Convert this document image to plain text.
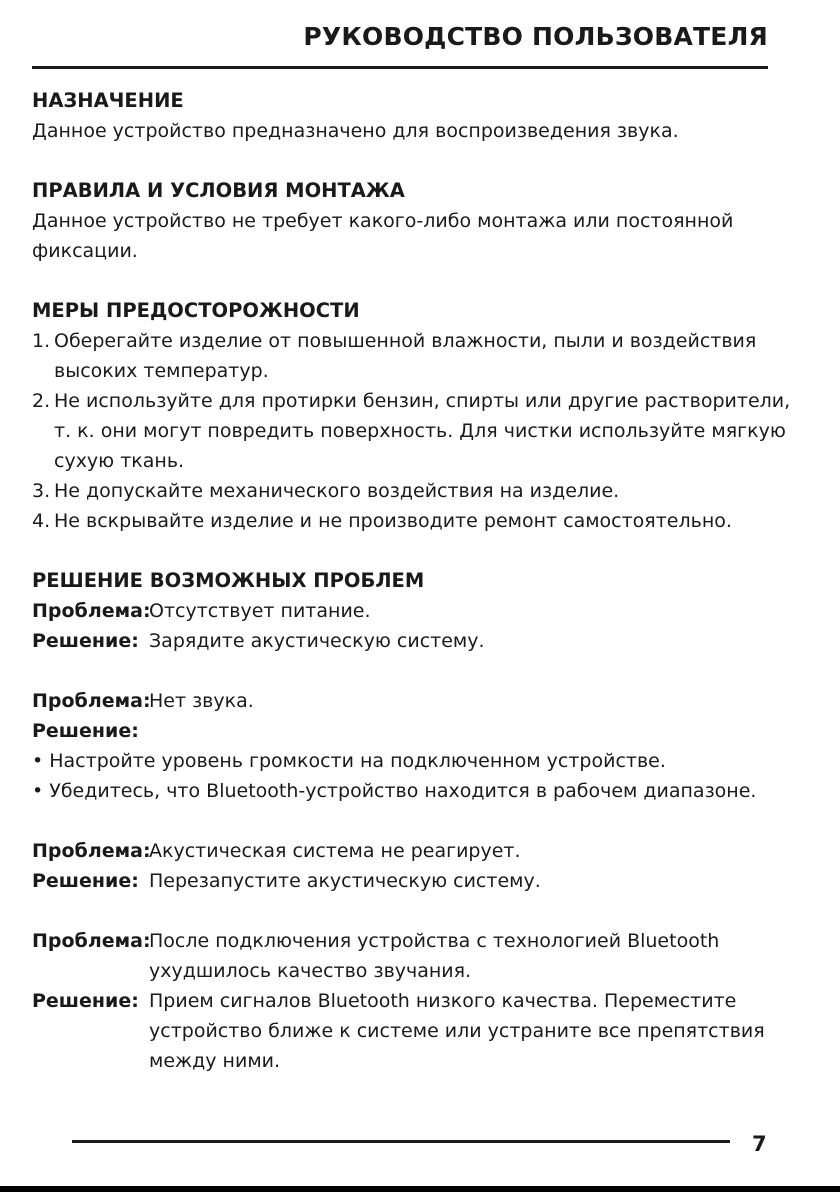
РУКОВОДСТВО ПОЛЬЗОВАТЕЛЯ
НАЗНАЧЕНИЕ
Данное устройство предназначено для воспроизведения звука.
ПРАВИЛА И УСЛОВИЯ МОНТАЖА
Данное устройство не требует какого-либо монтажа или постоянной
фиксации.
МЕРЫ ПРЕДОСТОРОЖНОСТИ
1. Оберегайте изделие от повышенной влажности, пыли и воздействия
высоких температур.
2. Не используйте для протирки бензин, спирты или другие растворители,
т. к. они могут повредить поверхность. Для чистки используйте мягкую
сухую ткань.
3. Не допускайте механического воздействия на изделие.
4. Не вскрывайте изделие и не производите ремонт самостоятельно.
РЕШЕНИЕ ВОЗМОЖНЫХ ПРОБЛЕМ
Проблема:
Отсутствует питание.
Решение: Зарядите акустическую систему.
Проблема:
Нет звука.
Решение:
• Настройте уровень громкости на подключенном устройстве.
• Убедитесь, что Bluetooth-устройство находится в рабочем диапазоне.
Проблема:
Акустическая система не реагирует.
Решение: Перезапустите акустическую систему.
Проблема:
После подключения устройства с технологией Bluetooth
ухудшилось качество звучания.
Решение: Прием сигналов Bluetooth низкого качества. Переместите
устройство ближе к системе или устраните все препятствия
между ними.
7
